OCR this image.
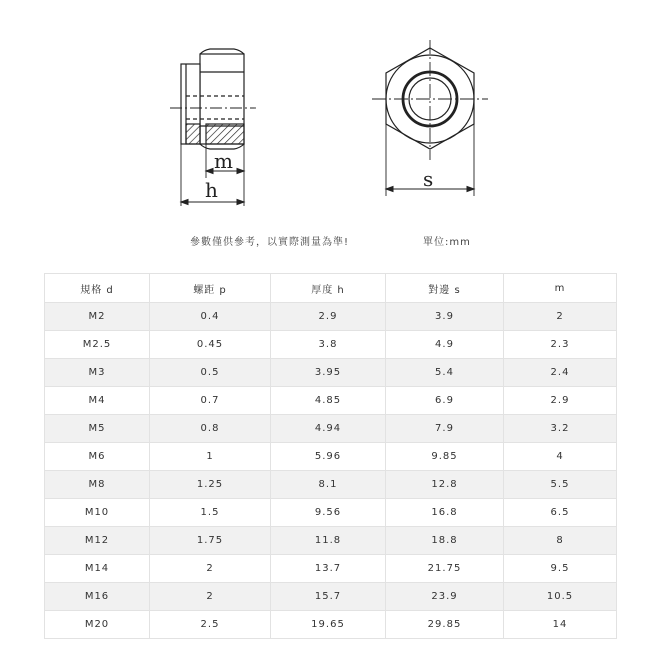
m
h	s
參數僅供參考，以實際測量為準!	單位:mm
規格 d	螺距 p	厚度 h	對邊 s	m
M2	0.4	2.9	3.9	2
M2.5	0.45	3.8	4.9	2.3
M3	0.5	3.95	5.4	2.4
M4	0.7	4.85	6.9	2.9
M5	0.8	4.94	7.9	3.2
M6	1	5.96	9.85	4
M8	1.25	8.1	12.8	5.5
M10	1.5	9.56	16.8	6.5
M12	1.75	11.8	18.8	8
M14	2	13.7	21.75	9.5
M16	2	15.7	23.9	10.5
M20	2.5	19.65	29.85	14
